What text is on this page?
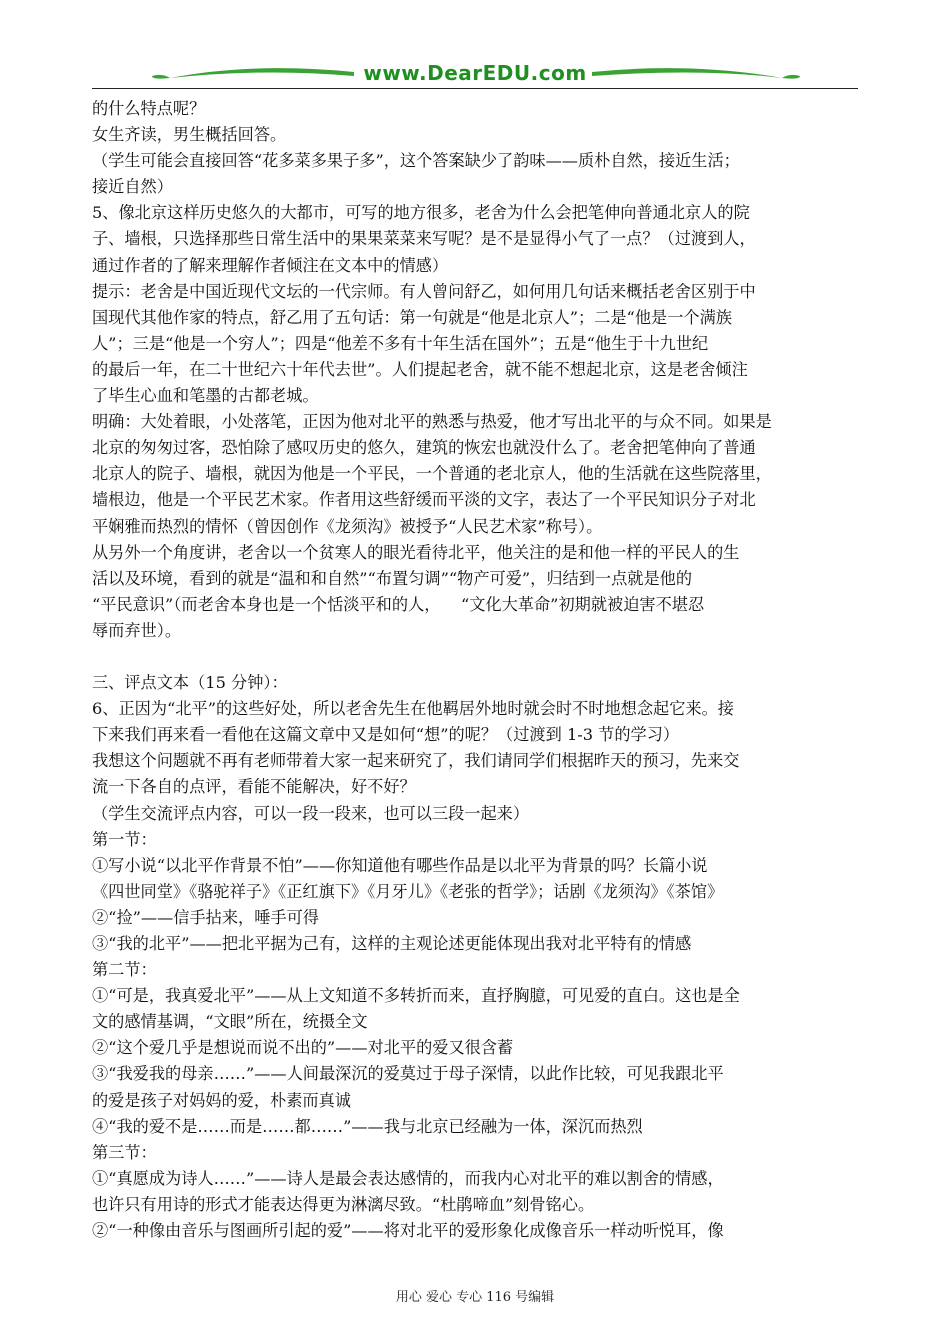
www.DearEDU.com

的什么特点呢？

女生齐读，男生概括回答。

（学生可能会直接回答“花多菜多果子多”，这个答案缺少了韵味——质朴自然，接近生活；

接近自然）

5、像北京这样历史悠久的大都市，可写的地方很多，老舍为什么会把笔伸向普通北京人的院

子、墙根，只选择那些日常生活中的果果菜菜来写呢？是不是显得小气了一点？（过渡到人，

通过作者的了解来理解作者倾注在文本中的情感）

提示：老舍是中国近现代文坛的一代宗师。有人曾问舒乙，如何用几句话来概括老舍区别于中

国现代其他作家的特点，舒乙用了五句话：第一句就是“他是北京人”；二是“他是一个满族

人”；三是“他是一个穷人”；四是“他差不多有十年生活在国外”；五是“他生于十九世纪

的最后一年，在二十世纪六十年代去世”。人们提起老舍，就不能不想起北京，这是老舍倾注

了毕生心血和笔墨的古都老城。

明确：大处着眼，小处落笔，正因为他对北平的熟悉与热爱，他才写出北平的与众不同。如果是

北京的匆匆过客，恐怕除了感叹历史的悠久，建筑的恢宏也就没什么了。老舍把笔伸向了普通

北京人的院子、墙根，就因为他是一个平民，一个普通的老北京人，他的生活就在这些院落里，

墙根边，他是一个平民艺术家。作者用这些舒缓而平淡的文字，表达了一个平民知识分子对北

平娴雅而热烈的情怀（曾因创作《龙须沟》被授予“人民艺术家”称号）。

从另外一个角度讲，老舍以一个贫寒人的眼光看待北平，他关注的是和他一样的平民人的生

活以及环境，看到的就是“温和和自然”“布置匀调”“物产可爱”，归结到一点就是他的

“平民意识”（而老舍本身也是一个恬淡平和的人，    “文化大革命”初期就被迫害不堪忍

辱而弃世）。

三、评点文本（15 分钟）：

6、正因为“北平”的这些好处，所以老舍先生在他羁居外地时就会时不时地想念起它来。接

下来我们再来看一看他在这篇文章中又是如何“想”的呢？（过渡到 1-3 节的学习）

我想这个问题就不再有老师带着大家一起来研究了，我们请同学们根据昨天的预习，先来交

流一下各自的点评，看能不能解决，好不好？

（学生交流评点内容，可以一段一段来，也可以三段一起来）

第一节：

①写小说“以北平作背景不怕”——你知道他有哪些作品是以北平为背景的吗？长篇小说

《四世同堂》《骆驼祥子》《正红旗下》《月牙儿》《老张的哲学》；话剧《龙须沟》《茶馆》

②“捡”——信手拈来，唾手可得

③“我的北平”——把北平据为己有，这样的主观论述更能体现出我对北平特有的情感

第二节：

①“可是，我真爱北平”——从上文知道不多转折而来，直抒胸臆，可见爱的直白。这也是全

文的感情基调，“文眼”所在，统摄全文

②“这个爱几乎是想说而说不出的”——对北平的爱又很含蓄

③“我爱我的母亲……”——人间最深沉的爱莫过于母子深情，以此作比较，可见我跟北平

的爱是孩子对妈妈的爱，朴素而真诚

④“我的爱不是……而是……都……”——我与北京已经融为一体，深沉而热烈

第三节：

①“真愿成为诗人……”——诗人是最会表达感情的，而我内心对北平的难以割舍的情感，

也许只有用诗的形式才能表达得更为淋漓尽致。“杜鹃啼血”刻骨铭心。

②“一种像由音乐与图画所引起的爱”——将对北平的爱形象化成像音乐一样动听悦耳，像

用心 爱心 专心 116 号编辑
